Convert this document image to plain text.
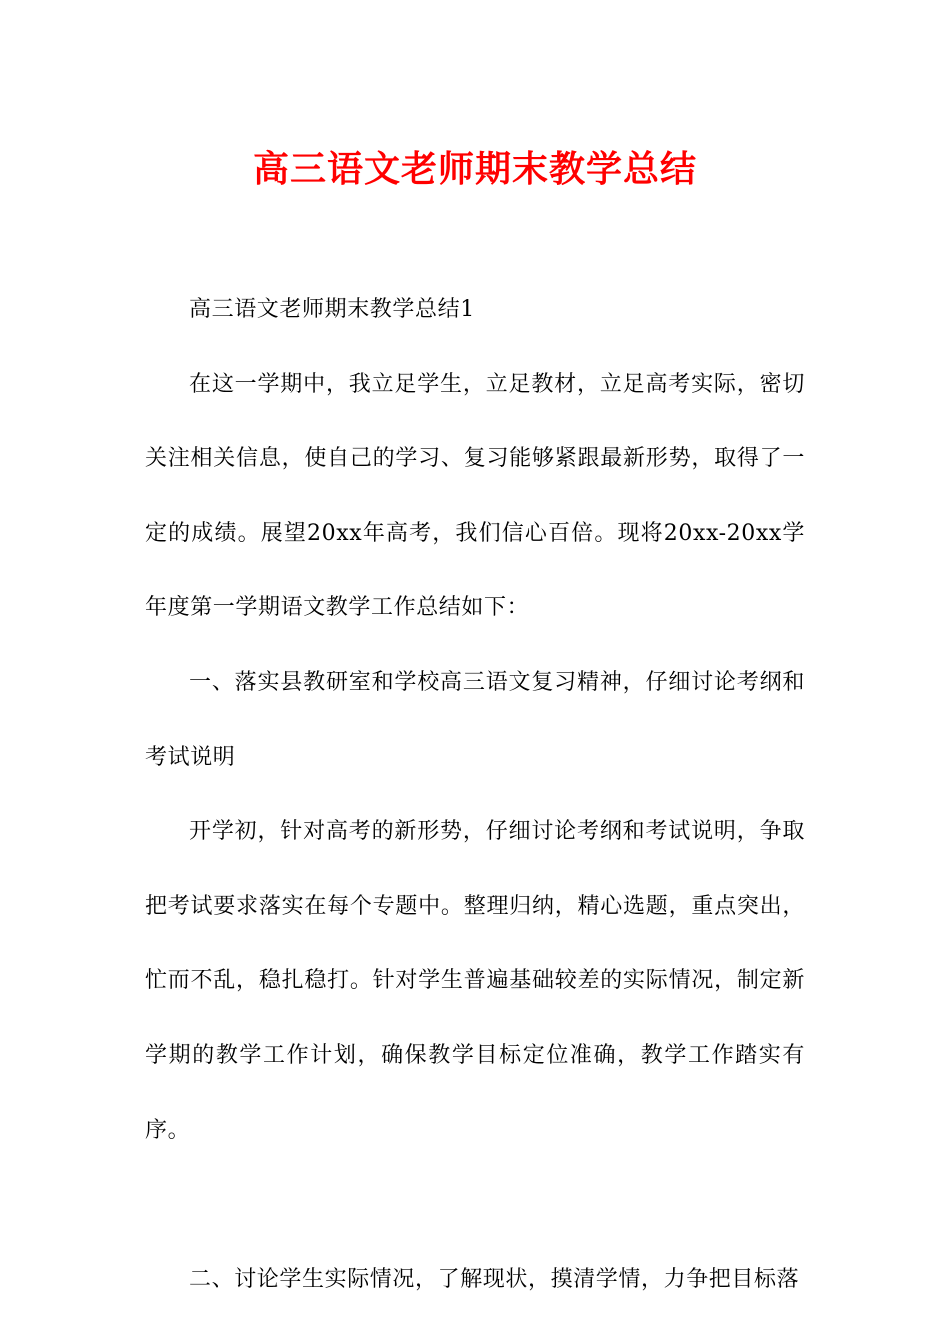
高三语文老师期末教学总结

高三语文老师期末教学总结1

在这一学期中，我立足学生，立足教材，立足高考实际，密切关注相关信息，使自己的学习、复习能够紧跟最新形势，取得了一定的成绩。展望20xx年高考，我们信心百倍。现将20xx-20xx学年度第一学期语文教学工作总结如下：

一、落实县教研室和学校高三语文复习精神，仔细讨论考纲和考试说明

开学初，针对高考的新形势，仔细讨论考纲和考试说明，争取把考试要求落实在每个专题中。整理归纳，精心选题，重点突出，忙而不乱，稳扎稳打。针对学生普遍基础较差的实际情况，制定新学期的教学工作计划，确保教学目标定位准确，教学工作踏实有序。

二、讨论学生实际情况，了解现状，摸清学情，力争把目标落
